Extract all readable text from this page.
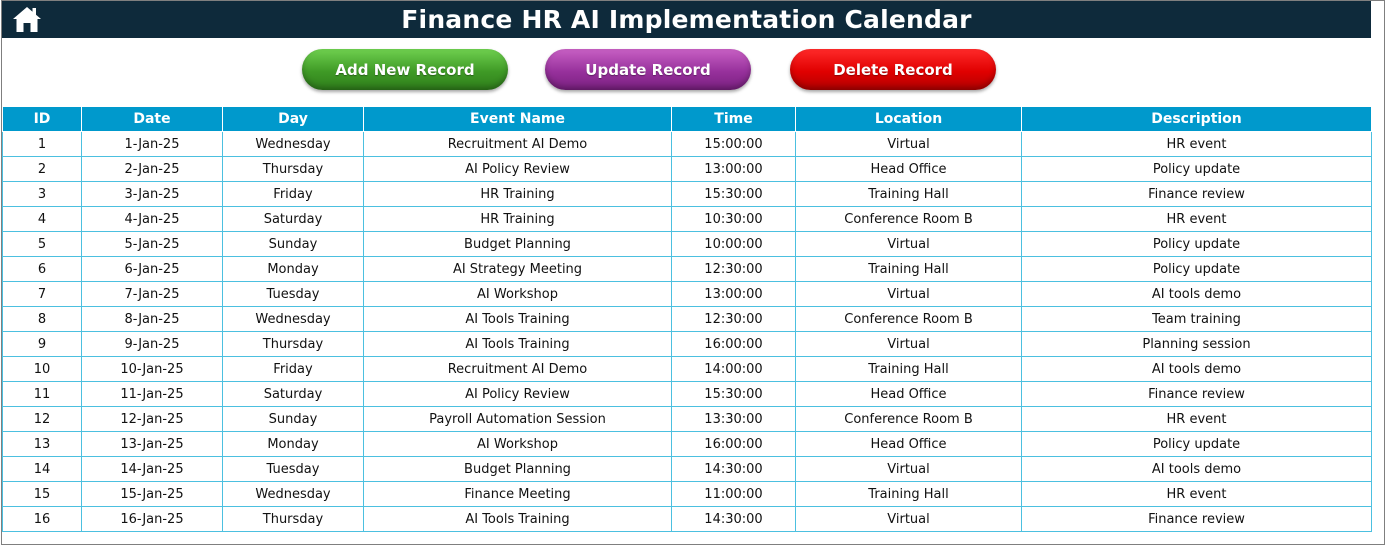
Finance HR AI Implementation Calendar
Add New Record	Update Record	Delete Record
ID	Date	Day	Event Name	Time	Location	Description
1	1-Jan-25	Wednesday	Recruitment AI Demo	15:00:00	Virtual	HR event
2	2-Jan-25	Thursday	AI Policy Review	13:00:00	Head Office	Policy update
3	3-Jan-25	Friday	HR Training	15:30:00	Training Hall	Finance review
4	4-Jan-25	Saturday	HR Training	10:30:00	Conference Room B	HR event
5	5-Jan-25	Sunday	Budget Planning	10:00:00	Virtual	Policy update
6	6-Jan-25	Monday	AI Strategy Meeting	12:30:00	Training Hall	Policy update
7	7-Jan-25	Tuesday	AI Workshop	13:00:00	Virtual	AI tools demo
8	8-Jan-25	Wednesday	AI Tools Training	12:30:00	Conference Room B	Team training
9	9-Jan-25	Thursday	AI Tools Training	16:00:00	Virtual	Planning session
10	10-Jan-25	Friday	Recruitment AI Demo	14:00:00	Training Hall	AI tools demo
11	11-Jan-25	Saturday	AI Policy Review	15:30:00	Head Office	Finance review
12	12-Jan-25	Sunday	Payroll Automation Session	13:30:00	Conference Room B	HR event
13	13-Jan-25	Monday	AI Workshop	16:00:00	Head Office	Policy update
14	14-Jan-25	Tuesday	Budget Planning	14:30:00	Virtual	AI tools demo
15	15-Jan-25	Wednesday	Finance Meeting	11:00:00	Training Hall	HR event
16	16-Jan-25	Thursday	AI Tools Training	14:30:00	Virtual	Finance review
